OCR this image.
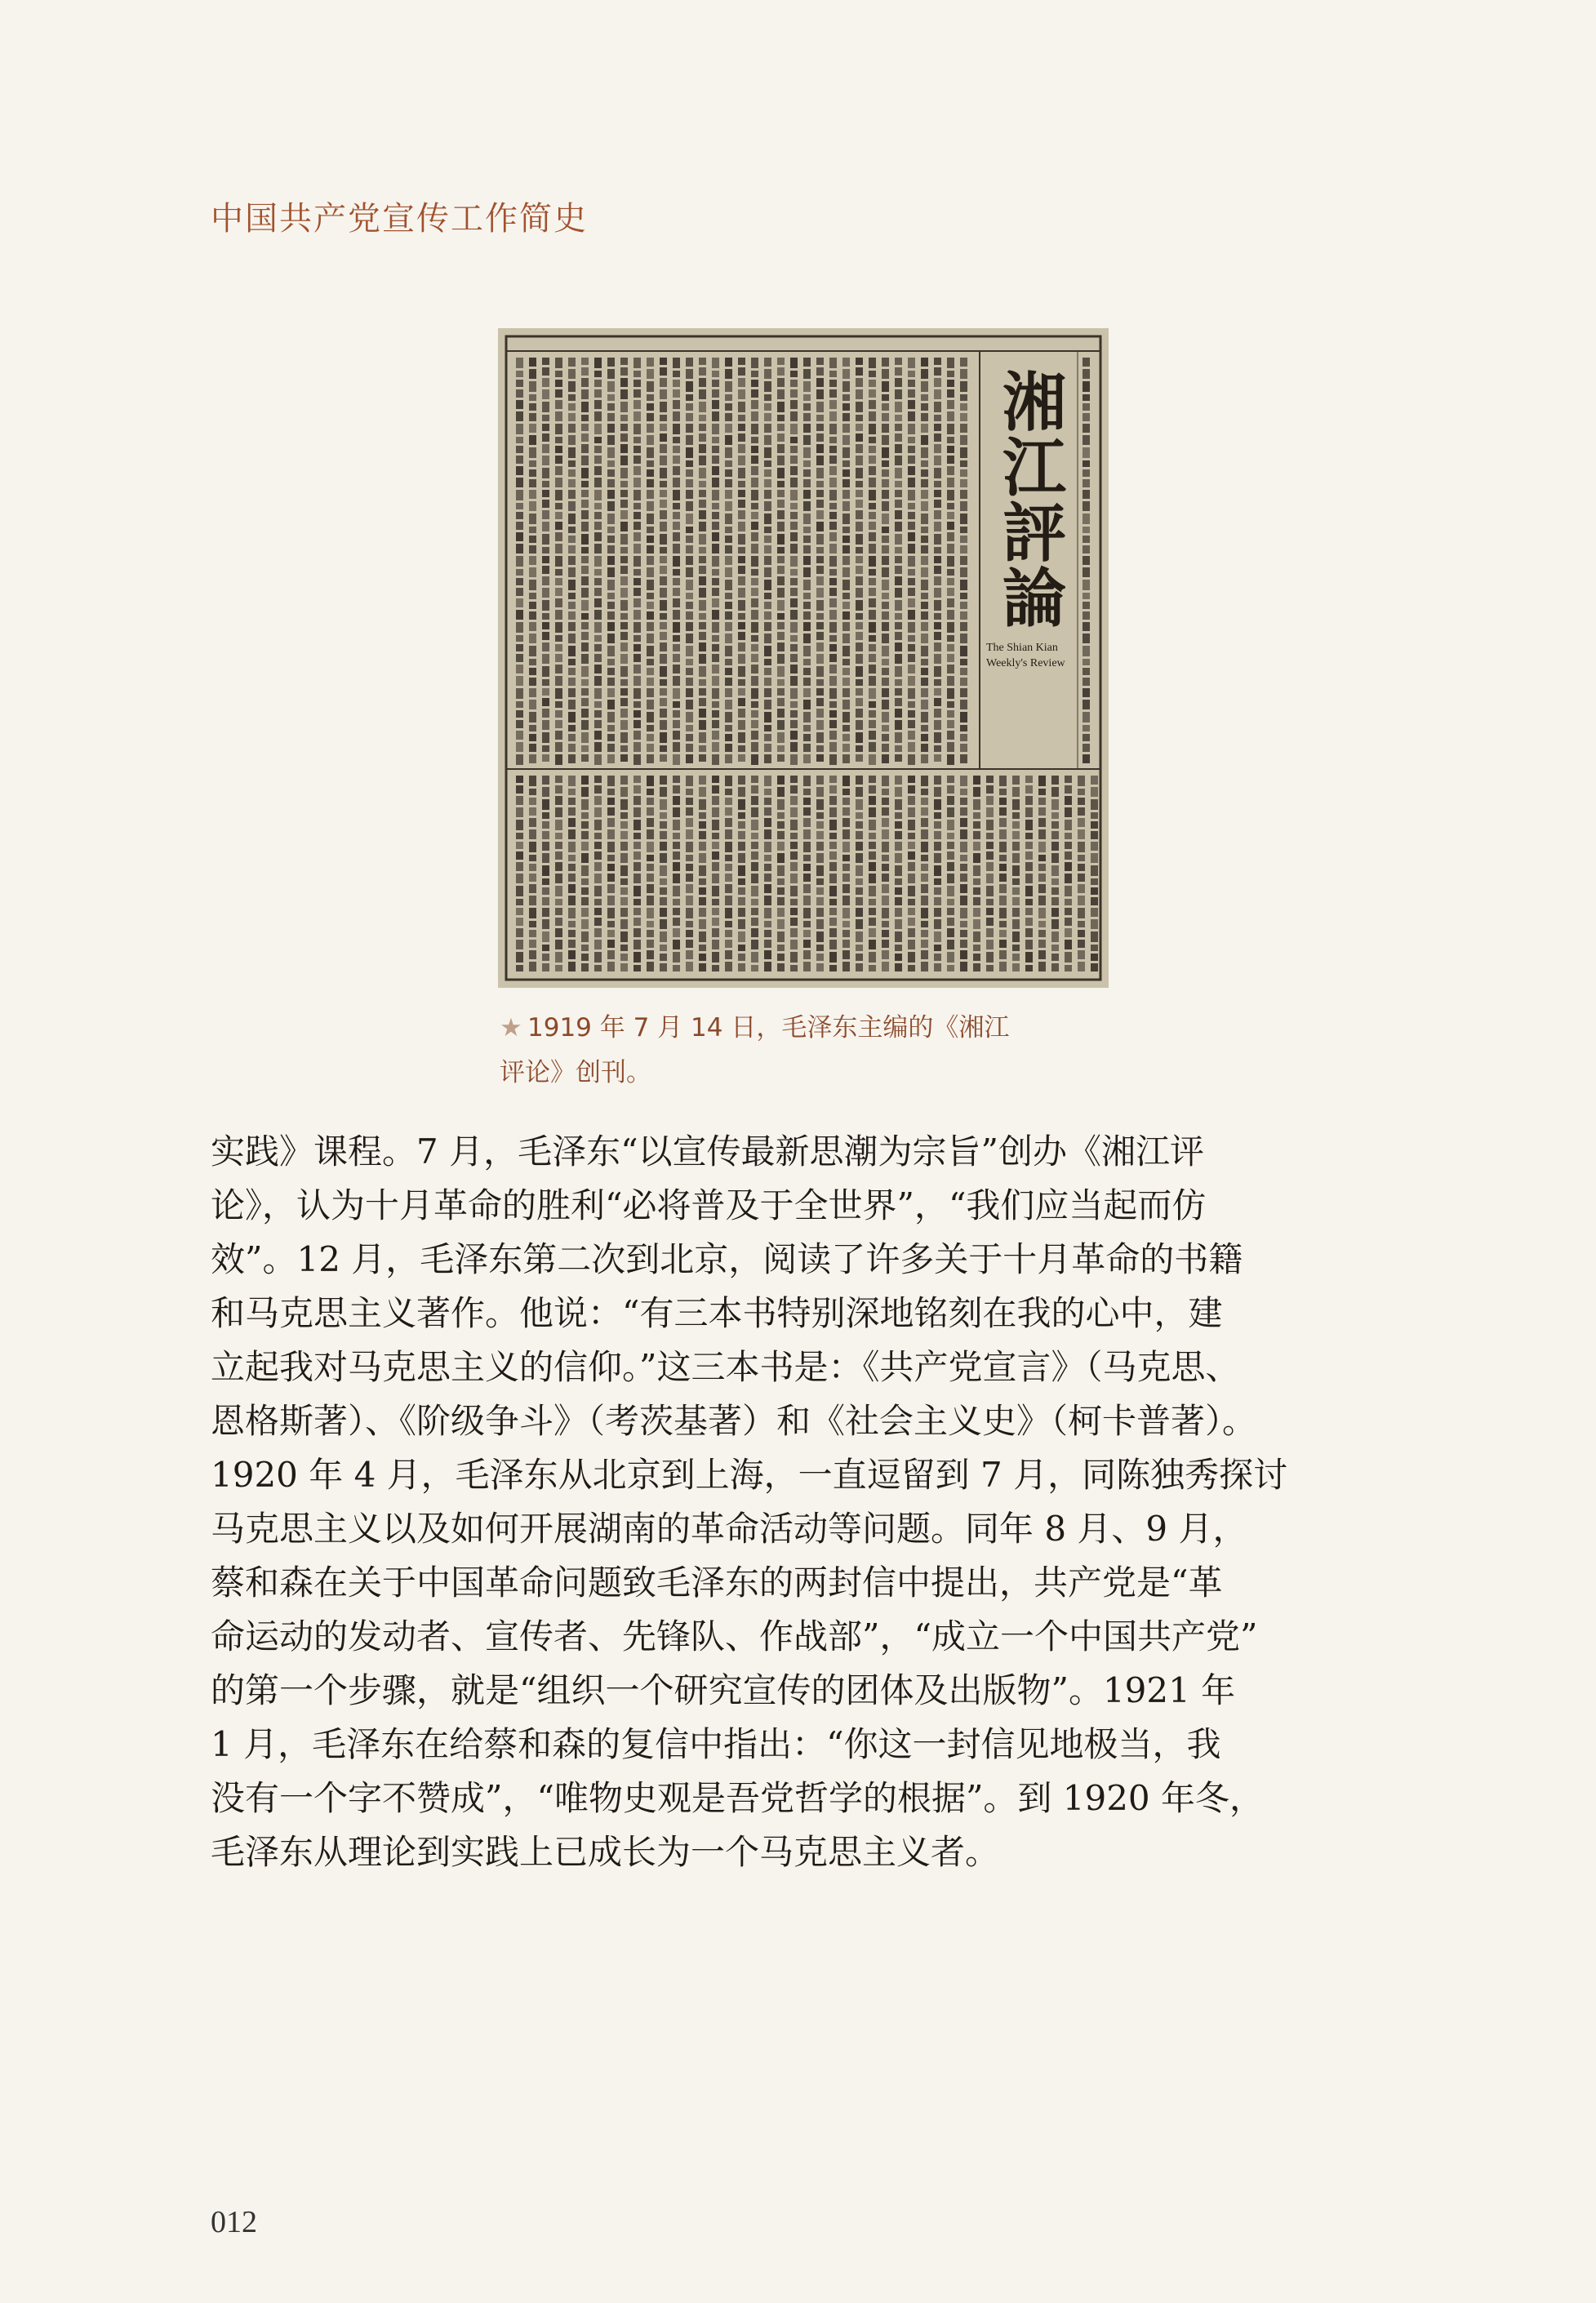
中国共产党宣传工作简史
湘
江
評
論
The Shian Kian
Weekly's Review
★ 1919 年 7 月 14 日，毛泽东主编的《湘江
评论》创刊。

实践》课程。7 月，毛泽东“以宣传最新思潮为宗旨”创办《湘江评

论》，认为十月革命的胜利“必将普及于全世界”，“我们应当起而仿

效”。12 月，毛泽东第二次到北京，阅读了许多关于十月革命的书籍

和马克思主义著作。他说：“有三本书特别深地铭刻在我的心中，建

立起我对马克思主义的信仰。”这三本书是：《共产党宣言》（马克思、

恩格斯著）、《阶级争斗》（考茨基著）和《社会主义史》（柯卡普著）。

1920 年 4 月，毛泽东从北京到上海，一直逗留到 7 月，同陈独秀探讨

马克思主义以及如何开展湖南的革命活动等问题。同年 8 月、9 月，

蔡和森在关于中国革命问题致毛泽东的两封信中提出，共产党是“革

命运动的发动者、宣传者、先锋队、作战部”，“成立一个中国共产党”

的第一个步骤，就是“组织一个研究宣传的团体及出版物”。1921 年

1 月，毛泽东在给蔡和森的复信中指出：“你这一封信见地极当，我

没有一个字不赞成”，“唯物史观是吾党哲学的根据”。到 1920 年冬，

毛泽东从理论到实践上已成长为一个马克思主义者。

012
